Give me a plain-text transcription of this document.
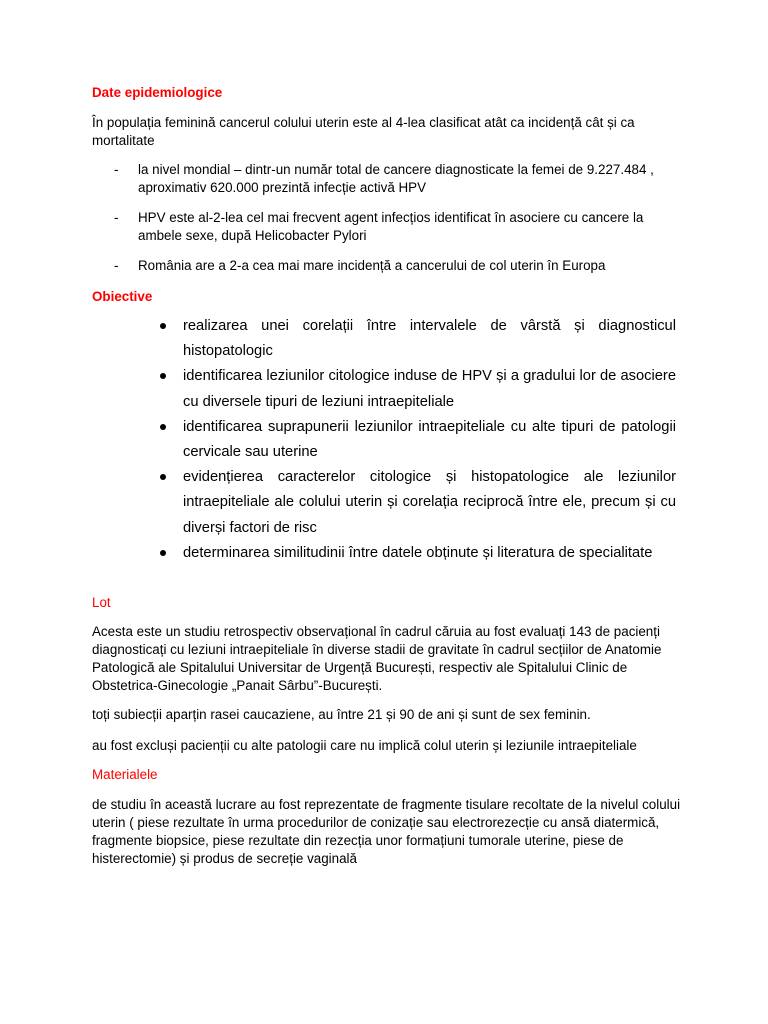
Date epidemiologice
În populația feminină cancerul colului uterin este al 4-lea clasificat atât ca incidență cât și ca mortalitate
- la nivel mondial – dintr-un număr total de cancere diagnosticate la femei de 9.227.484 , aproximativ 620.000 prezintă infecție activă HPV
- HPV este al-2-lea cel mai frecvent agent infecțios identificat în asociere cu cancere la ambele sexe, după Helicobacter Pylori
- România are a 2-a cea mai mare incidență a cancerului de col uterin în Europa
Obiective
realizarea unei corelații între intervalele de vârstă și diagnosticul histopatologic
identificarea leziunilor citologice induse de HPV și a gradului lor de asociere cu diversele tipuri de leziuni intraepiteliale
identificarea suprapunerii leziunilor intraepiteliale cu alte tipuri de patologii cervicale sau uterine
evidențierea caracterelor citologice și histopatologice ale leziunilor intraepiteliale ale colului uterin și corelația reciprocă între ele, precum și cu diverși factori de risc
determinarea similitudinii între datele obținute și literatura de specialitate
Lot
Acesta este un studiu retrospectiv observațional în cadrul căruia au fost evaluați 143 de pacienți diagnosticați cu leziuni intraepiteliale în diverse stadii de gravitate în cadrul secțiilor de Anatomie Patologică ale Spitalului Universitar de Urgență București, respectiv ale Spitalului Clinic de Obstetrica-Ginecologie „Panait Sârbu”-București.
toți subiecții aparțin rasei caucaziene, au între 21 și 90 de ani și sunt de sex feminin.
au fost excluși pacienții cu alte patologii care nu implică colul uterin și leziunile intraepiteliale
Materialele
de studiu în această lucrare au fost reprezentate de fragmente tisulare recoltate de la nivelul colului uterin ( piese rezultate în urma procedurilor de conizație sau electrorezecție cu ansă diatermică, fragmente biopsice, piese rezultate din rezecția unor formațiuni tumorale uterine, piese de histerectomie) și produs de secreție vaginală
